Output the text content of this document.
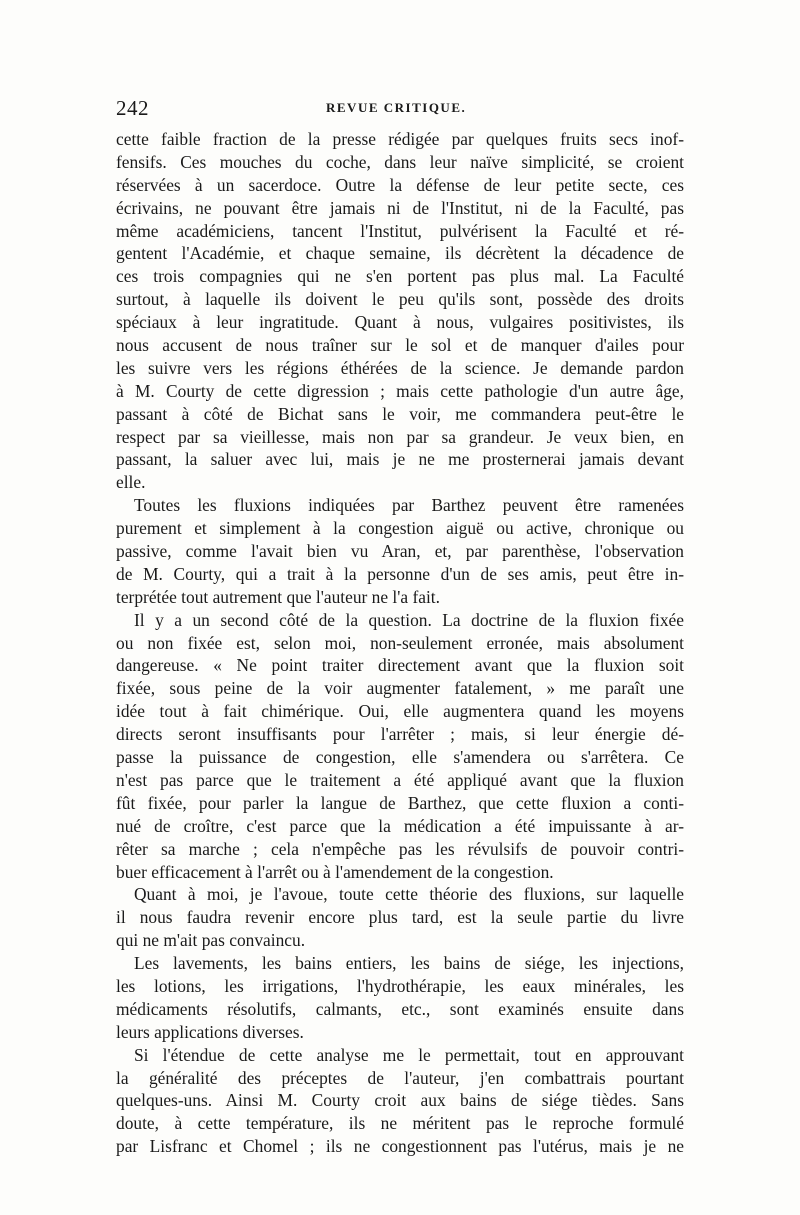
242	REVUE CRITIQUE.

cette faible fraction de la presse rédigée par quelques fruits secs inof-

fensifs. Ces mouches du coche, dans leur naïve simplicité, se croient

réservées à un sacerdoce. Outre la défense de leur petite secte, ces

écrivains, ne pouvant être jamais ni de l'Institut, ni de la Faculté, pas

même académiciens, tancent l'Institut, pulvérisent la Faculté et ré-

gentent l'Académie, et chaque semaine, ils décrètent la décadence de

ces trois compagnies qui ne s'en portent pas plus mal. La Faculté

surtout, à laquelle ils doivent le peu qu'ils sont, possède des droits

spéciaux à leur ingratitude. Quant à nous, vulgaires positivistes, ils

nous accusent de nous traîner sur le sol et de manquer d'ailes pour

les suivre vers les régions éthérées de la science. Je demande pardon

à M. Courty de cette digression ; mais cette pathologie d'un autre âge,

passant à côté de Bichat sans le voir, me commandera peut-être le

respect par sa vieillesse, mais non par sa grandeur. Je veux bien, en

passant, la saluer avec lui, mais je ne me prosternerai jamais devant

elle.

Toutes les fluxions indiquées par Barthez peuvent être ramenées

purement et simplement à la congestion aiguë ou active, chronique ou

passive, comme l'avait bien vu Aran, et, par parenthèse, l'observation

de M. Courty, qui a trait à la personne d'un de ses amis, peut être in-

terprétée tout autrement que l'auteur ne l'a fait.

Il y a un second côté de la question. La doctrine de la fluxion fixée

ou non fixée est, selon moi, non-seulement erronée, mais absolument

dangereuse. « Ne point traiter directement avant que la fluxion soit

fixée, sous peine de la voir augmenter fatalement, » me paraît une

idée tout à fait chimérique. Oui, elle augmentera quand les moyens

directs seront insuffisants pour l'arrêter ; mais, si leur énergie dé-

passe la puissance de congestion, elle s'amendera ou s'arrêtera. Ce

n'est pas parce que le traitement a été appliqué avant que la fluxion

fût fixée, pour parler la langue de Barthez, que cette fluxion a conti-

nué de croître, c'est parce que la médication a été impuissante à ar-

rêter sa marche ; cela n'empêche pas les révulsifs de pouvoir contri-

buer efficacement à l'arrêt ou à l'amendement de la congestion.

Quant à moi, je l'avoue, toute cette théorie des fluxions, sur laquelle

il nous faudra revenir encore plus tard, est la seule partie du livre

qui ne m'ait pas convaincu.

Les lavements, les bains entiers, les bains de siége, les injections,

les lotions, les irrigations, l'hydrothérapie, les eaux minérales, les

médicaments résolutifs, calmants, etc., sont examinés ensuite dans

leurs applications diverses.

Si l'étendue de cette analyse me le permettait, tout en approuvant

la généralité des préceptes de l'auteur, j'en combattrais pourtant

quelques-uns. Ainsi M. Courty croit aux bains de siége tièdes. Sans

doute, à cette température, ils ne méritent pas le reproche formulé

par Lisfranc et Chomel ; ils ne congestionnent pas l'utérus, mais je ne
